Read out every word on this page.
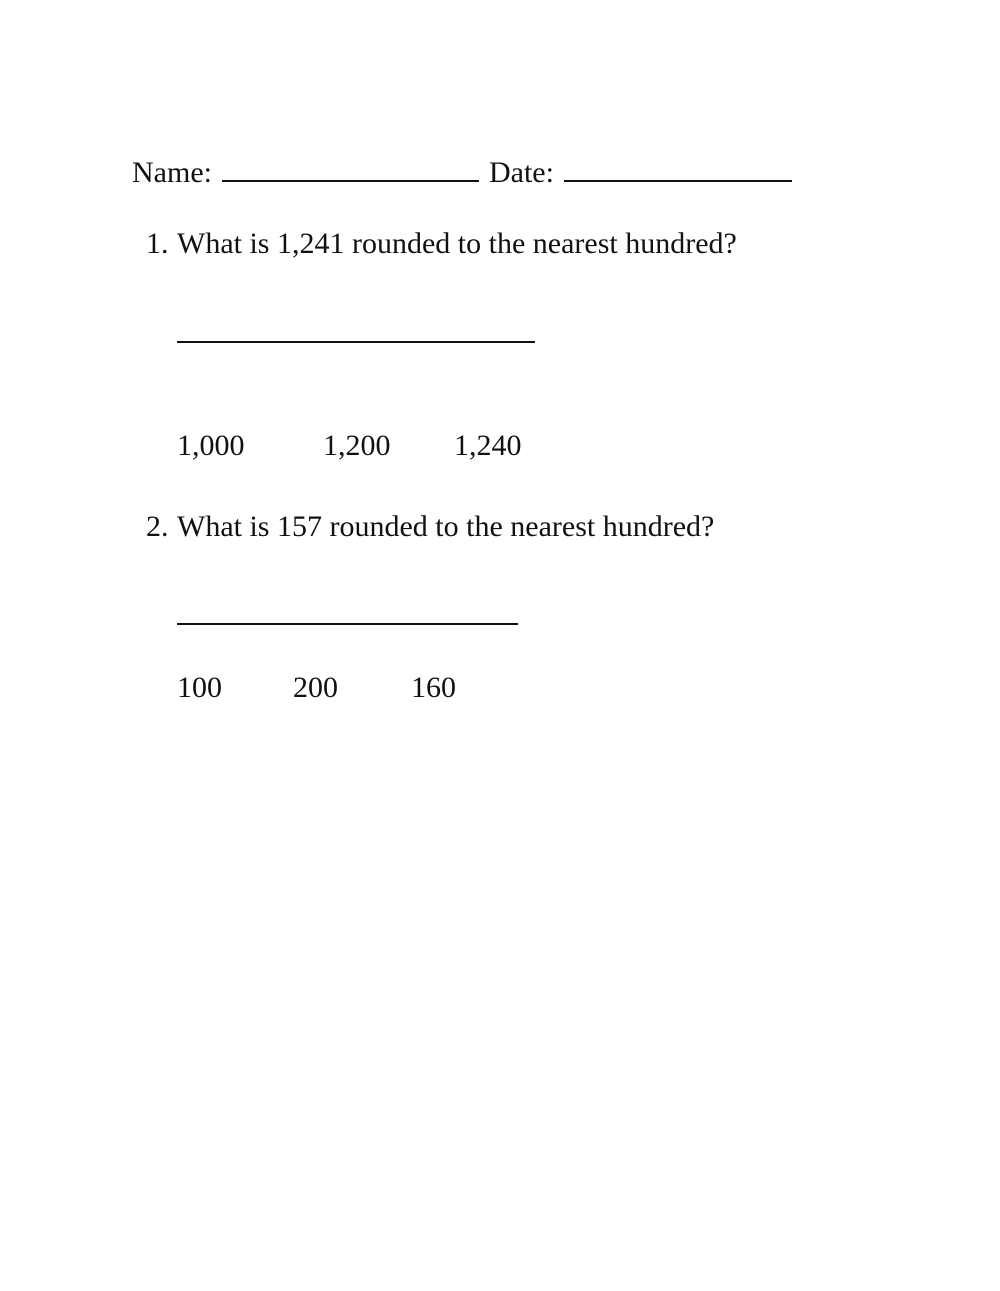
Name:	Date:

1. What is 1,241 rounded to the nearest hundred?
1,000	1,200 1,240
2. What is 157 rounded to the nearest hundred?
100 200 160
